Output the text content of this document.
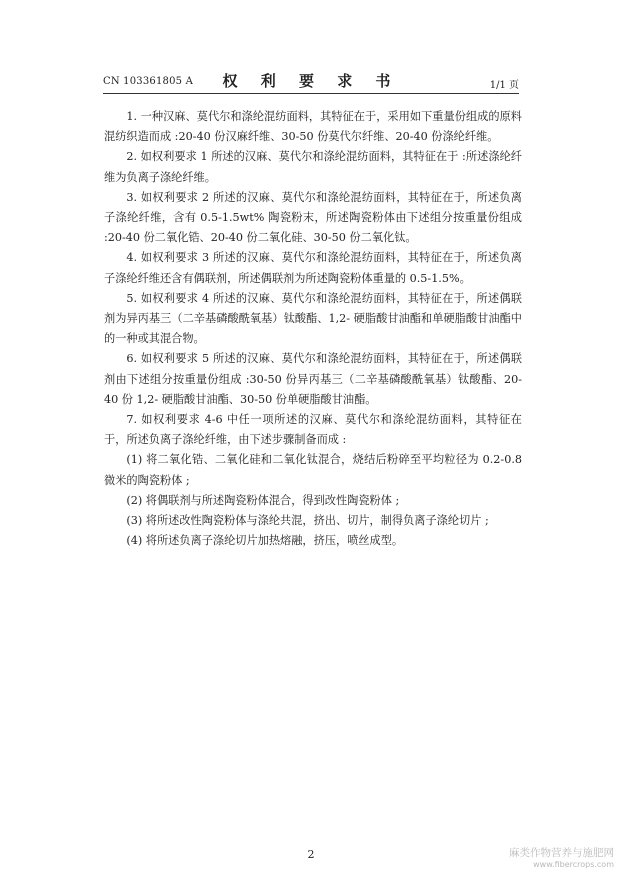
CN 103361805 A	权 利 要 求 书	1/1 页

1. 一种汉麻、莫代尔和涤纶混纺面料，其特征在于，采用如下重量份组成的原料混纺织造而成 :20-40 份汉麻纤维、30-50 份莫代尔纤维、20-40 份涤纶纤维。

2. 如权利要求 1 所述的汉麻、莫代尔和涤纶混纺面料，其特征在于 :所述涤纶纤维为负离子涤纶纤维。

3. 如权利要求 2 所述的汉麻、莫代尔和涤纶混纺面料，其特征在于，所述负离子涤纶纤维，含有 0.5-1.5wt% 陶瓷粉末，所述陶瓷粉体由下述组分按重量份组成 :20-40 份二氧化锆、20-40 份二氧化硅、30-50 份二氧化钛。

4. 如权利要求 3 所述的汉麻、莫代尔和涤纶混纺面料，其特征在于，所述负离子涤纶纤维还含有偶联剂，所述偶联剂为所述陶瓷粉体重量的 0.5-1.5%。

5. 如权利要求 4 所述的汉麻、莫代尔和涤纶混纺面料，其特征在于，所述偶联剂为异丙基三（二辛基磷酸酰氧基）钛酸酯、1,2- 硬脂酸甘油酯和单硬脂酸甘油酯中的一种或其混合物。

6. 如权利要求 5 所述的汉麻、莫代尔和涤纶混纺面料，其特征在于，所述偶联剂由下述组分按重量份组成 :30-50 份异丙基三（二辛基磷酸酰氧基）钛酸酯、20-40 份 1,2- 硬脂酸甘油酯、30-50 份单硬脂酸甘油酯。

7. 如权利要求 4-6 中任一项所述的汉麻、莫代尔和涤纶混纺面料，其特征在于，所述负离子涤纶纤维，由下述步骤制备而成 :

(1) 将二氧化锆、二氧化硅和二氧化钛混合，烧结后粉碎至平均粒径为 0.2-0.8 微米的陶瓷粉体 ;

(2) 将偶联剂与所述陶瓷粉体混合，得到改性陶瓷粉体 ;

(3) 将所述改性陶瓷粉体与涤纶共混，挤出、切片，制得负离子涤纶切片 ;

(4) 将所述负离子涤纶切片加热熔融，挤压，喷丝成型。

2	麻类作物营养与施肥网
www.fibercrops.com
